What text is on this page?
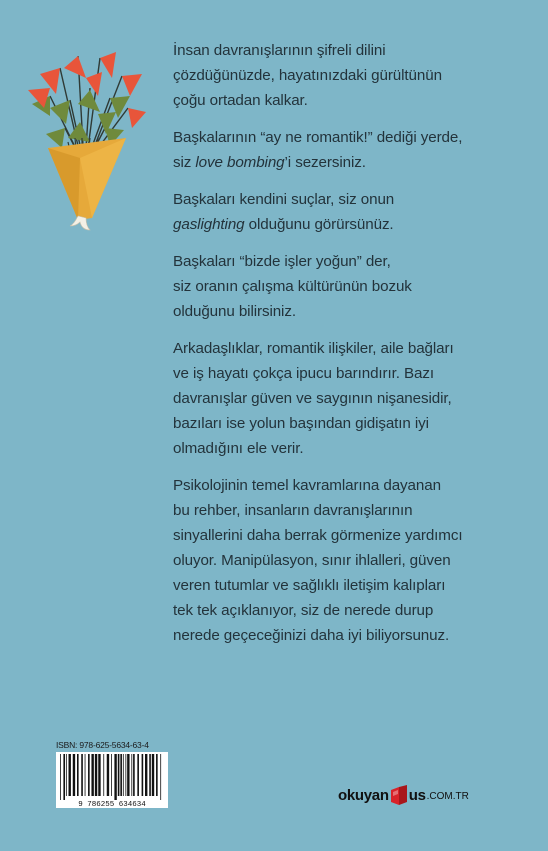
İnsan davranışlarının şifreli dilini
çözdüğünüzde, hayatınızdaki gürültünün
çoğu ortadan kalkar.

Başkalarının “ay ne romantik!” dediği yerde,
siz love bombing’i sezersiniz.

Başkaları kendini suçlar, siz onun
gaslighting olduğunu görürsünüz.

Başkaları “bizde işler yoğun” der,
siz oranın çalışma kültürünün bozuk
olduğunu bilirsiniz.

Arkadaşlıklar, romantik ilişkiler, aile bağları
ve iş hayatı çokça ipucu barındırır. Bazı
davranışlar güven ve saygının nişanesidir,
bazıları ise yolun başından gidişatın iyi
olmadığını ele verir.

Psikolojinin temel kavramlarına dayanan
bu rehber, insanların davranışlarının
sinyallerini daha berrak görmenize yardımcı
oluyor. Manipülasyon, sınır ihlalleri, güven
veren tutumlar ve sağlıklı iletişim kalıpları
tek tek açıklanıyor, siz de nerede durup
nerede geçeceğinizi daha iyi biliyorsunuz.

ISBN: 978-625-5634-63-4
9 786255 634634
okuyan us .COM.TR
